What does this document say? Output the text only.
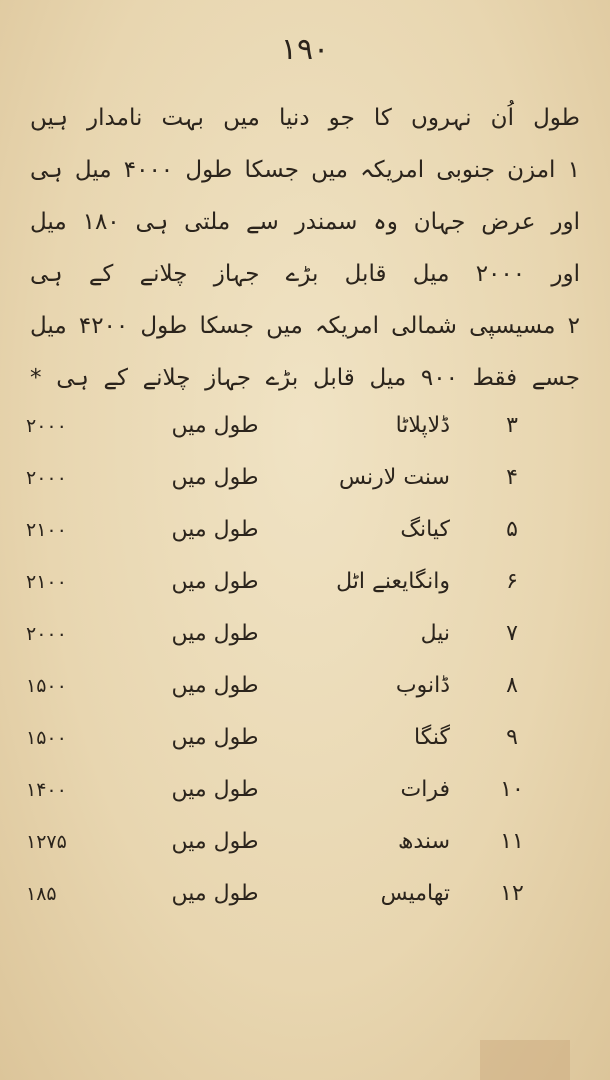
۱۹۰

طول اُن نہروں کا جو دنیا میں بہت نامدار ہیں

۱ امزن جنوبی امریکہ میں جسکا طول ۴۰۰۰ میل ہی

اور عرض جہان وہ سمندر سے ملتی ہی ۱۸۰ میل

اور ۲۰۰۰ میل قابل بڑے جہاز چلانے کے ہی

۲ مسیسپی شمالی امریکہ میں جسکا طول ۴۲۰۰ میل

جسے فقط ۹۰۰ میل قابل بڑے جہاز چلانے کے ہی *

۳
ڈلاپلاٹا
طول میں
۲۰۰۰
۴
سنت لارنس
طول میں
۲۰۰۰
۵
کیانگ
طول میں
۲۱۰۰
۶
وانگایعنے اٹل
طول میں
۲۱۰۰
۷
نیل
طول میں
۲۰۰۰
۸
ڈانوب
طول میں
۱۵۰۰
۹
گنگا
طول میں
۱۵۰۰
۱۰
فرات
طول میں
۱۴۰۰
۱۱
سندھ
طول میں
۱۲۷۵
۱۲
تھامیس
طول میں
۱۸۵
